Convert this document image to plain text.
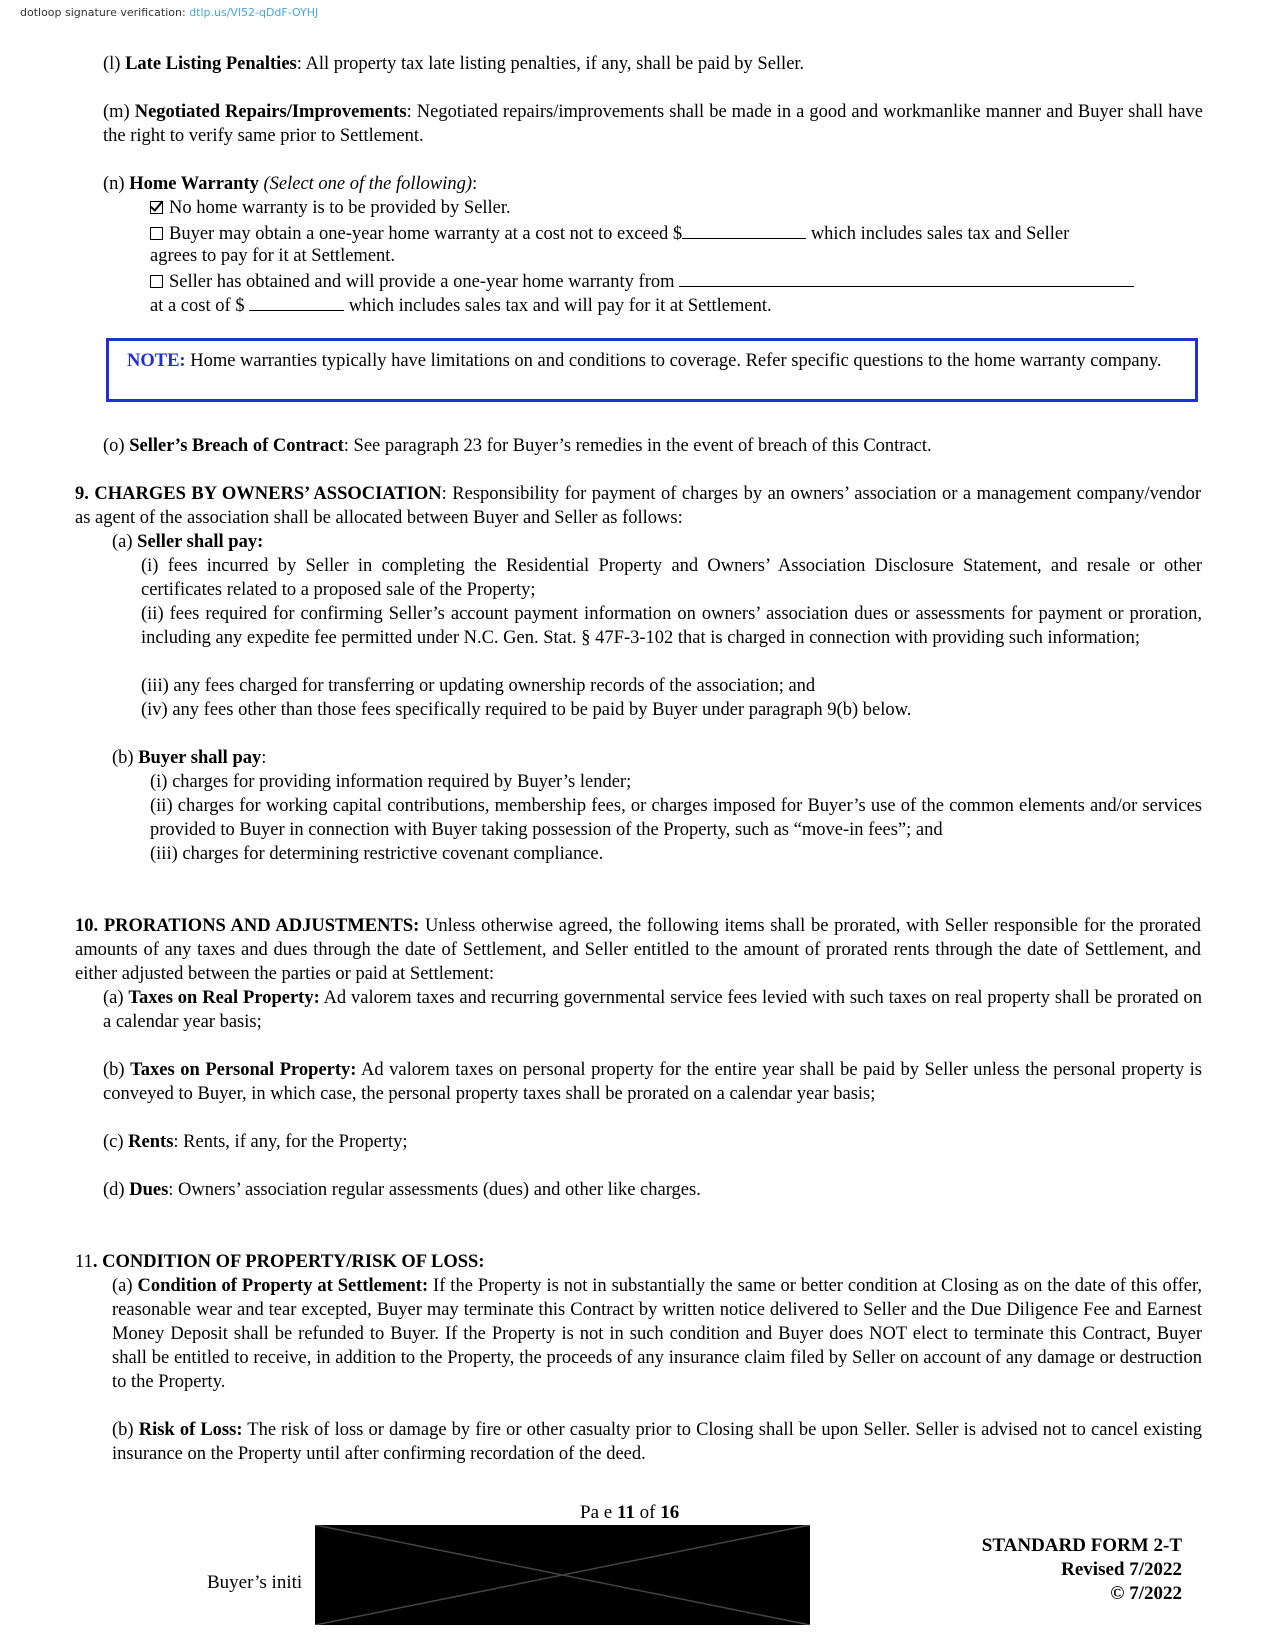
dotloop signature verification: dtlp.us/Vl52-qDdF-OYHJ

(l) Late Listing Penalties: All property tax late listing penalties, if any, shall be paid by Seller.

(m) Negotiated Repairs/Improvements: Negotiated repairs/improvements shall be made in a good and workmanlike manner and Buyer shall have the right to verify same prior to Settlement.

(n) Home Warranty (Select one of the following):

No home warranty is to be provided by Seller.

Buyer may obtain a one-year home warranty at a cost not to exceed $	which includes sales tax and Seller

agrees to pay for it at Settlement.

Seller has obtained and will provide a one-year home warranty from

at a cost of $	which includes sales tax and will pay for it at Settlement.

NOTE: Home warranties typically have limitations on and conditions to coverage. Refer specific questions to the home warranty company.

(o) Seller’s Breach of Contract: See paragraph 23 for Buyer’s remedies in the event of breach of this Contract.

9. CHARGES BY OWNERS’ ASSOCIATION: Responsibility for payment of charges by an owners’ association or a management company/vendor as agent of the association shall be allocated between Buyer and Seller as follows:

(a) Seller shall pay:

(i) fees incurred by Seller in completing the Residential Property and Owners’ Association Disclosure Statement, and resale or other certificates related to a proposed sale of the Property;

(ii) fees required for confirming Seller’s account payment information on owners’ association dues or assessments for payment or proration, including any expedite fee permitted under N.C. Gen. Stat. § 47F-3-102 that is charged in connection with providing such information;

(iii) any fees charged for transferring or updating ownership records of the association; and

(iv) any fees other than those fees specifically required to be paid by Buyer under paragraph 9(b) below.

(b) Buyer shall pay:

(i) charges for providing information required by Buyer’s lender;

(ii) charges for working capital contributions, membership fees, or charges imposed for Buyer’s use of the common elements and/or services provided to Buyer in connection with Buyer taking possession of the Property, such as “move-in fees”; and

(iii) charges for determining restrictive covenant compliance.

10. PRORATIONS AND ADJUSTMENTS: Unless otherwise agreed, the following items shall be prorated, with Seller responsible for the prorated amounts of any taxes and dues through the date of Settlement, and Seller entitled to the amount of prorated rents through the date of Settlement, and either adjusted between the parties or paid at Settlement:

(a) Taxes on Real Property: Ad valorem taxes and recurring governmental service fees levied with such taxes on real property shall be prorated on a calendar year basis;

(b) Taxes on Personal Property: Ad valorem taxes on personal property for the entire year shall be paid by Seller unless the personal property is conveyed to Buyer, in which case, the personal property taxes shall be prorated on a calendar year basis;

(c) Rents: Rents, if any, for the Property;

(d) Dues: Owners’ association regular assessments (dues) and other like charges.

11. CONDITION OF PROPERTY/RISK OF LOSS:

(a) Condition of Property at Settlement: If the Property is not in substantially the same or better condition at Closing as on the date of this offer, reasonable wear and tear excepted, Buyer may terminate this Contract by written notice delivered to Seller and the Due Diligence Fee and Earnest Money Deposit shall be refunded to Buyer. If the Property is not in such condition and Buyer does NOT elect to terminate this Contract, Buyer shall be entitled to receive, in addition to the Property, the proceeds of any insurance claim filed by Seller on account of any damage or destruction to the Property.

(b) Risk of Loss: The risk of loss or damage by fire or other casualty prior to Closing shall be upon Seller. Seller is advised not to cancel existing insurance on the Property until after confirming recordation of the deed.

Pa e 11 of 16
Buyer’s initi
STANDARD FORM 2-T
Revised 7/2022
© 7/2022
